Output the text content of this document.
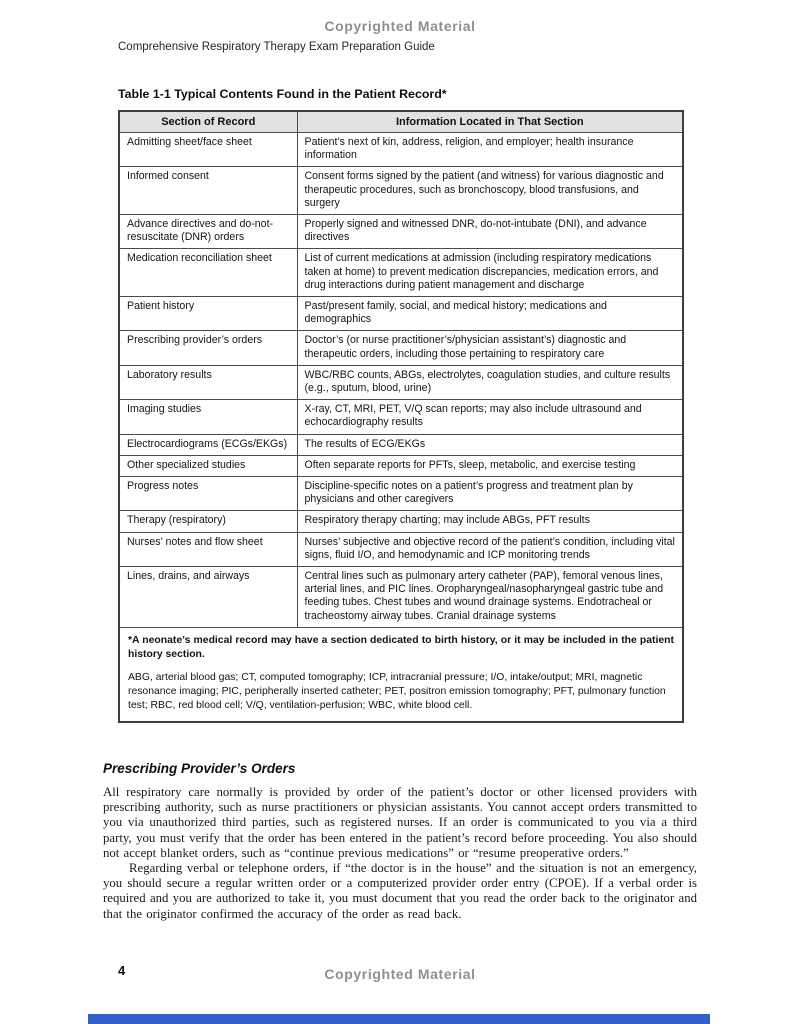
Copyrighted Material
Comprehensive Respiratory Therapy Exam Preparation Guide
Table 1-1 Typical Contents Found in the Patient Record*
Section of Record	Information Located in That Section
Admitting sheet/face sheet	Patient’s next of kin, address, religion, and employer; health insurance information
Informed consent	Consent forms signed by the patient (and witness) for various diagnostic and therapeutic procedures, such as bronchoscopy, blood transfusions, and surgery
Advance directives and do-not-resuscitate (DNR) orders	Properly signed and witnessed DNR, do-not-intubate (DNI), and advance directives
Medication reconciliation sheet	List of current medications at admission (including respiratory medications taken at home) to prevent medication discrepancies, medication errors, and drug interactions during patient management and discharge
Patient history	Past/present family, social, and medical history; medications and demographics
Prescribing provider’s orders	Doctor’s (or nurse practitioner’s/physician assistant’s) diagnostic and therapeutic orders, including those pertaining to respiratory care
Laboratory results	WBC/RBC counts, ABGs, electrolytes, coagulation studies, and culture results (e.g., sputum, blood, urine)
Imaging studies	X-ray, CT, MRI, PET, V/Q scan reports; may also include ultrasound and echocardiography results
Electrocardiograms (ECGs/EKGs)	The results of ECG/EKGs
Other specialized studies	Often separate reports for PFTs, sleep, metabolic, and exercise testing
Progress notes	Discipline-specific notes on a patient’s progress and treatment plan by physicians and other caregivers
Therapy (respiratory)	Respiratory therapy charting; may include ABGs, PFT results
Nurses’ notes and flow sheet	Nurses’ subjective and objective record of the patient’s condition, including vital signs, fluid I/O, and hemodynamic and ICP monitoring trends
Lines, drains, and airways	Central lines such as pulmonary artery catheter (PAP), femoral venous lines, arterial lines, and PIC lines. Oropharyngeal/nasopharyngeal gastric tube and feeding tubes. Chest tubes and wound drainage systems. Endotracheal or tracheostomy airway tubes. Cranial drainage systems
*A neonate’s medical record may have a section dedicated to birth history, or it may be included in the patient history section.	
ABG, arterial blood gas; CT, computed tomography; ICP, intracranial pressure; I/O, intake/output; MRI, magnetic resonance imaging; PIC, peripherally inserted catheter; PET, positron emission tomography; PFT, pulmonary function test; RBC, red blood cell; V/Q, ventilation-perfusion; WBC, white blood cell.	
Prescribing Provider’s Orders

All respiratory care normally is provided by order of the patient’s doctor or other licensed providers with prescribing authority, such as nurse practitioners or physician assistants. You cannot accept orders transmitted to you via unauthorized third parties, such as registered nurses. If an order is communicated to you via a third party, you must verify that the order has been entered in the patient’s record before proceeding. You also should not accept blanket orders, such as “continue previous medications” or “resume preoperative orders.”

Regarding verbal or telephone orders, if “the doctor is in the house” and the situation is not an emergency, you should secure a regular written order or a computerized provider order entry (CPOE). If a verbal order is required and you are authorized to take it, you must document that you read the order back to the originator and that the originator confirmed the accuracy of the order as read back.

4	Copyrighted Material
